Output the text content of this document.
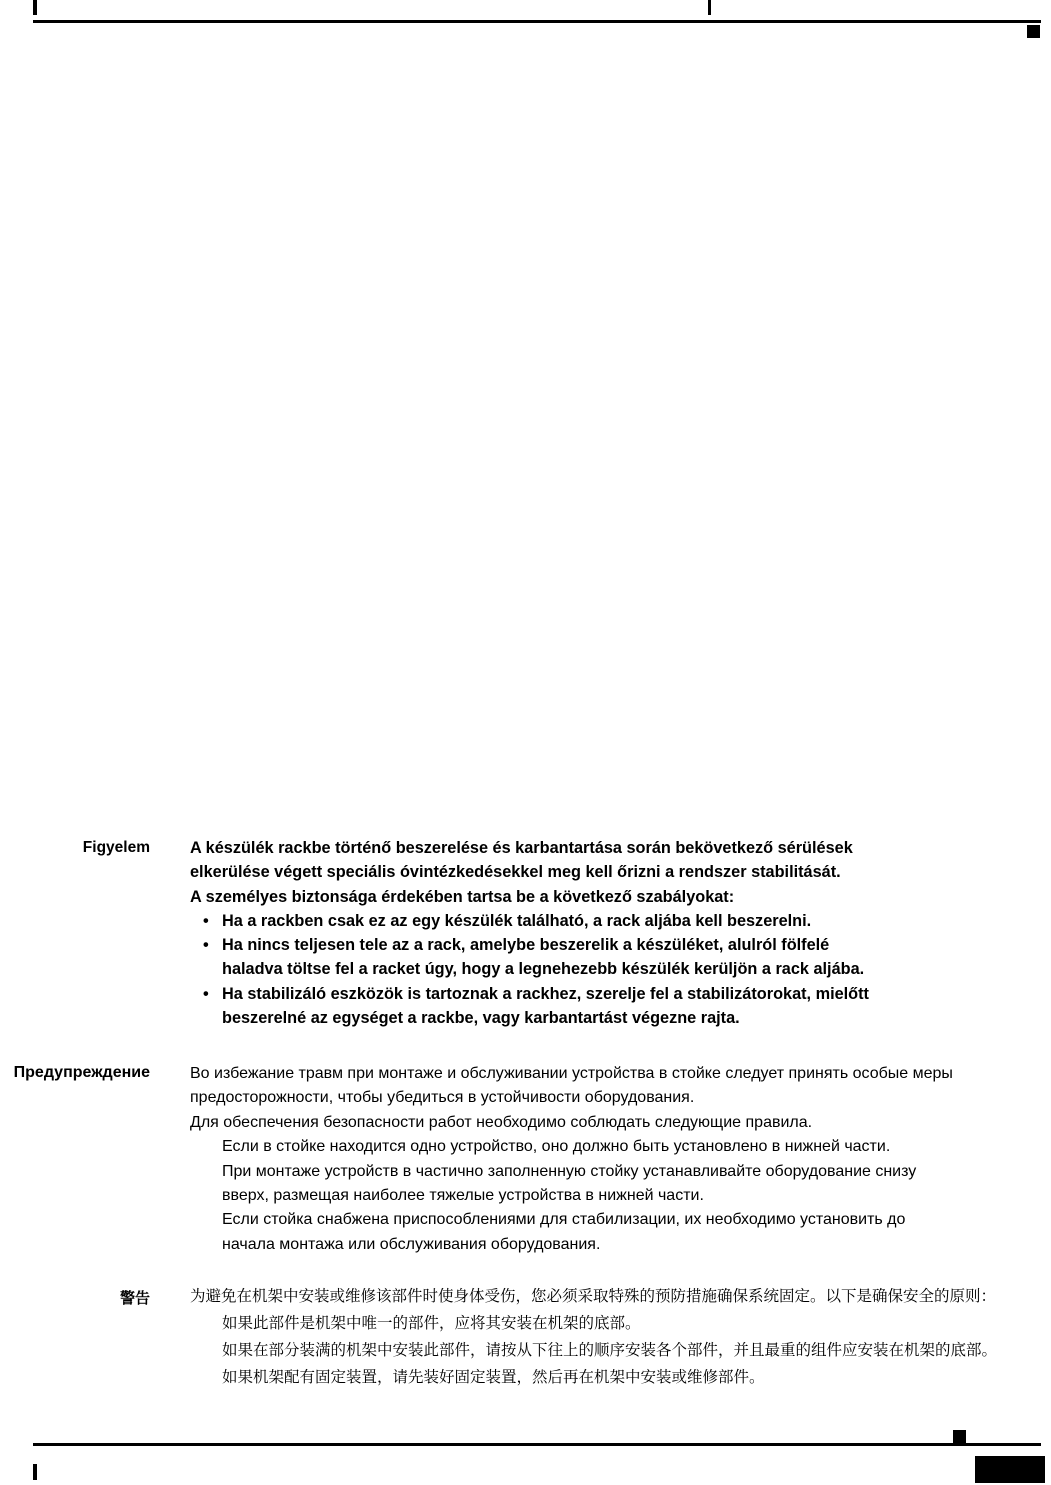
Figyelem A készülék rackbe történő beszerelése és karbantartása során bekövetkező sérülések
elkerülése végett speciális óvintézkedésekkel meg kell őrizni a rendszer stabilitását.
A személyes biztonsága érdekében tartsa be a következő szabályokat:
• Ha a rackben csak ez az egy készülék található, a rack aljába kell beszerelni.
• Ha nincs teljesen tele az a rack, amelybe beszerelik a készüléket, alulról fölfelé
haladva töltse fel a racket úgy, hogy a legnehezebb készülék kerüljön a rack aljába.
• Ha stabilizáló eszközök is tartoznak a rackhez, szerelje fel a stabilizátorokat, mielőtt
beszerelné az egységet a rackbe, vagy karbantartást végezne rajta.
Предупреждение	Во избежание травм при монтаже и обслуживании устройства в стойке следует принять особые меры
предосторожности, чтобы убедиться в устойчивости оборудования.
Для обеспечения безопасности работ необходимо соблюдать следующие правила.
Если в стойке находится одно устройство, оно должно быть установлено в нижней части.
При монтаже устройств в частично заполненную стойку устанавливайте оборудование снизу
вверх, размещая наиболее тяжелые устройства в нижней части.
Если стойка снабжена приспособлениями для стабилизации, их необходимо установить до
начала монтажа или обслуживания оборудования.
警告	为避免在机架中安装或维修该部件时使身体受伤，您必须采取特殊的预防措施确保系统固定。以下是确保安全的原则：
如果此部件是机架中唯一的部件，应将其安装在机架的底部。
如果在部分装满的机架中安装此部件，请按从下往上的顺序安装各个部件，并且最重的组件应安装在机架的底部。
如果机架配有固定装置，请先装好固定装置，然后再在机架中安装或维修部件。
